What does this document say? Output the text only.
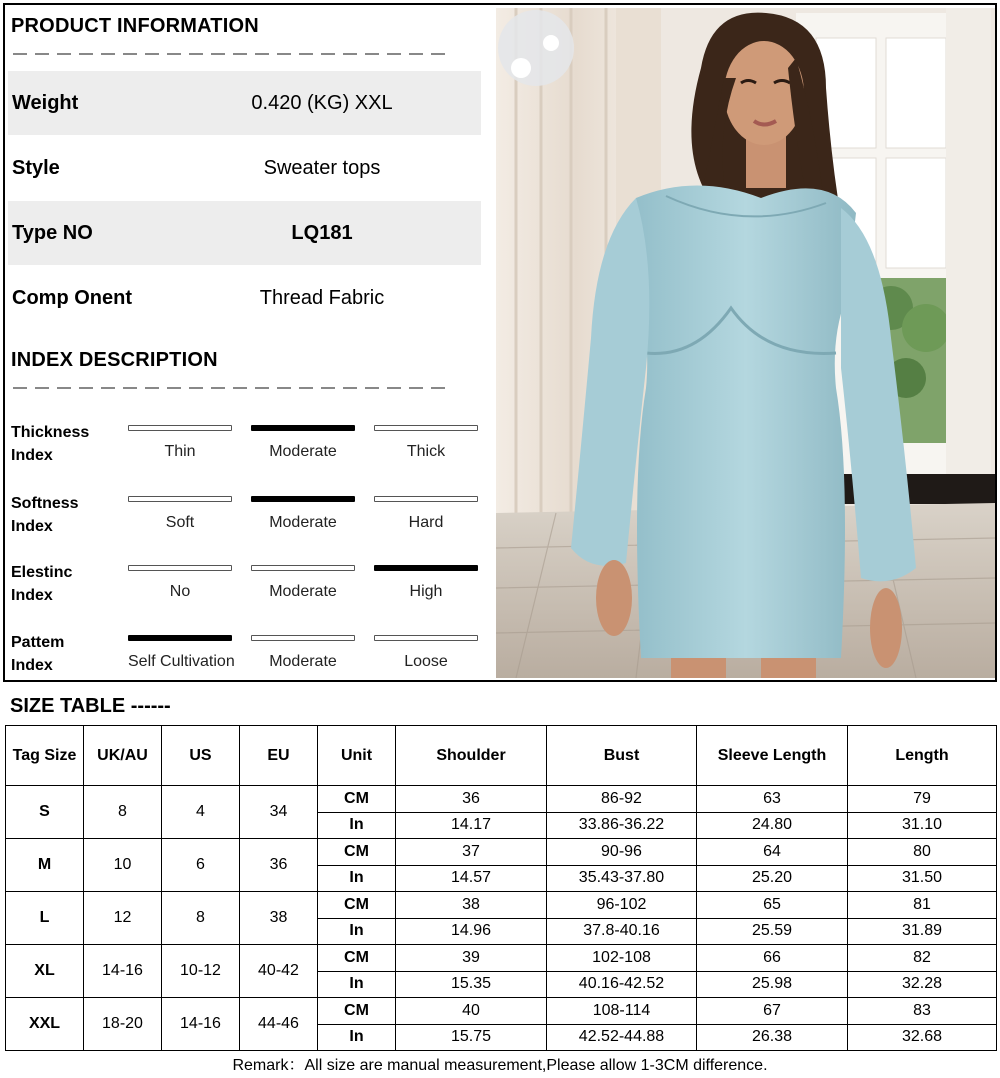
PRODUCT INFORMATION
Weight	0.420 (KG) XXL
Style	Sweater tops
Type NO	LQ181
Comp Onent	Thread Fabric
INDEX DESCRIPTION
Thickness
Index	Thin	Moderate	Thick
Softness
Index	Soft	Moderate	Hard
Elestinc
Index	No	Moderate	High
Pattem
Index	Self Cultivation	Moderate	Loose
SIZE TABLE ------
Tag Size	UK/AU	US	EU	Unit	Shoulder	Bust	Sleeve Length	Length
S	8	4	34	CM	36	86-92	63	79
				In	14.17	33.86-36.22	24.80	31.10
M	10	6	36	CM	37	90-96	64	80
				In	14.57	35.43-37.80	25.20	31.50
L	12	8	38	CM	38	96-102	65	81
				In	14.96	37.8-40.16	25.59	31.89
XL	14-16	10-12	40-42	CM	39	102-108	66	82
				In	15.35	40.16-42.52	25.98	32.28
XXL	18-20	14-16	44-46	CM	40	108-114	67	83
				In	15.75	42.52-44.88	26.38	32.68
Remark：All size are manual measurement,Please allow 1-3CM difference.
